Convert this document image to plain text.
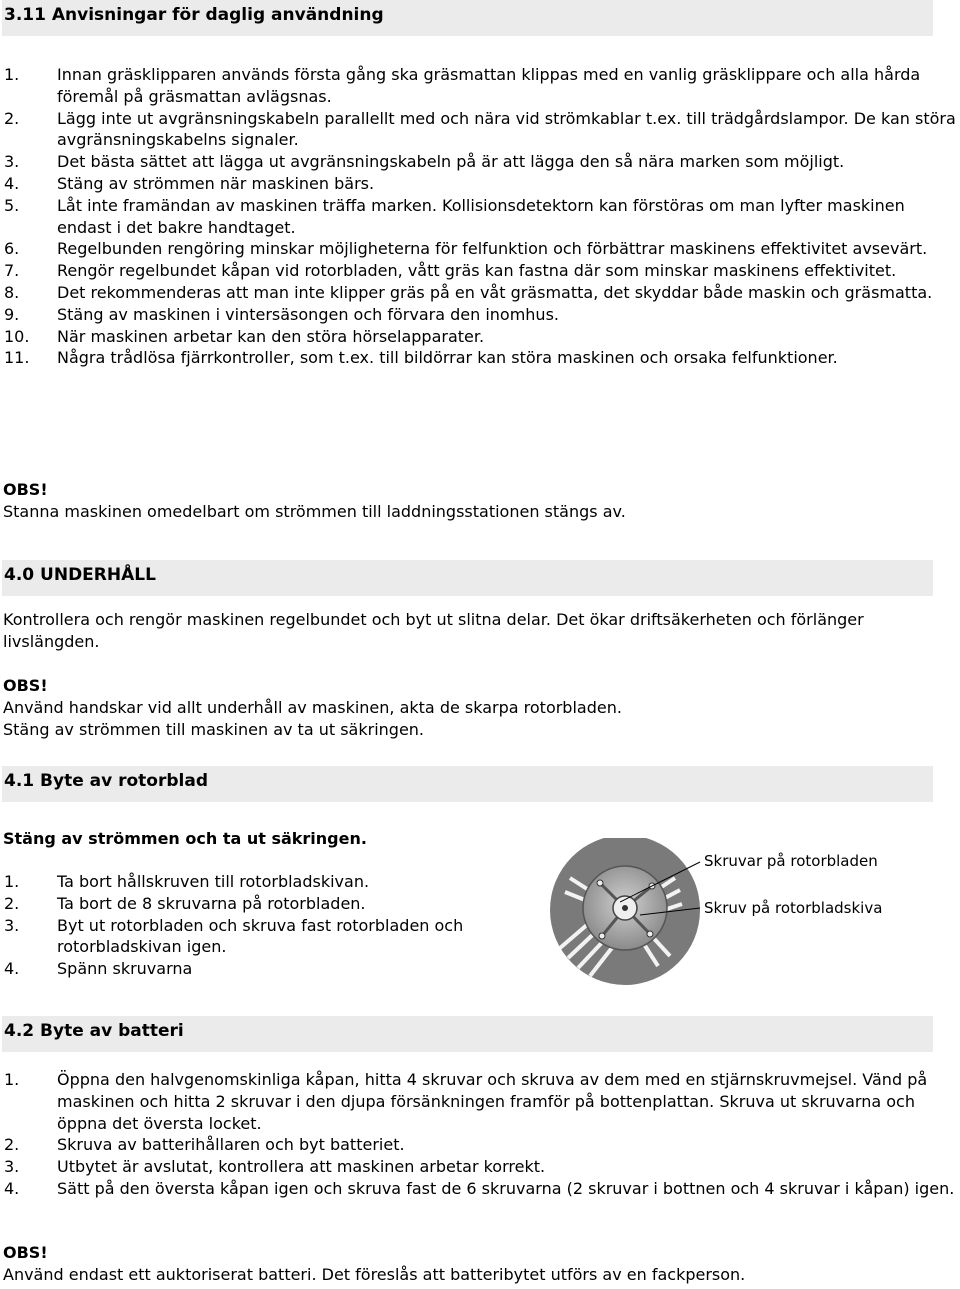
3.11 Anvisningar för daglig användning
1. Innan gräsklipparen används första gång ska gräsmattan klippas med en vanlig gräsklippare och alla hårda föremål på gräsmattan avlägsnas.
2. Lägg inte ut avgränsningskabeln parallellt med och nära vid strömkablar t.ex. till trädgårdslampor. De kan störa avgränsningskabelns signaler.
3. Det bästa sättet att lägga ut avgränsningskabeln på är att lägga den så nära marken som möjligt.
4. Stäng av strömmen när maskinen bärs.
5. Låt inte framändan av maskinen träffa marken. Kollisionsdetektorn kan förstöras om man lyfter maskinen endast i det bakre handtaget.
6. Regelbunden rengöring minskar möjligheterna för felfunktion och förbättrar maskinens effektivitet avsevärt.
7. Rengör regelbundet kåpan vid rotorbladen, vått gräs kan fastna där som minskar maskinens effektivitet.
8. Det rekommenderas att man inte klipper gräs på en våt gräsmatta, det skyddar både maskin och gräsmatta.
9. Stäng av maskinen i vintersäsongen och förvara den inomhus.
10. När maskinen arbetar kan den störa hörselapparater.
11. Några trådlösa fjärrkontroller, som t.ex. till bildörrar kan störa maskinen och orsaka felfunktioner.
OBS!
Stanna maskinen omedelbart om strömmen till laddningsstationen stängs av.
4.0 UNDERHÅLL
Kontrollera och rengör maskinen regelbundet och byt ut slitna delar. Det ökar driftsäkerheten och förlänger livslängden.
OBS!
Använd handskar vid allt underhåll av maskinen, akta de skarpa rotorbladen.
Stäng av strömmen till maskinen av ta ut säkringen.
4.1 Byte av rotorblad
Stäng av strömmen och ta ut säkringen.
1. Ta bort hållskruven till rotorbladskivan.
2. Ta bort de 8 skruvarna på rotorbladen.
3. Byt ut rotorbladen och skruva fast rotorbladen och rotorbladskivan igen.
4. Spänn skruvarna
Skruvar på rotorbladen
Skruv på rotorbladskiva
4.2 Byte av batteri
1. Öppna den halvgenomskinliga kåpan, hitta 4 skruvar och skruva av dem med en stjärnskruvmejsel. Vänd på maskinen och hitta 2 skruvar i den djupa försänkningen framför på bottenplattan. Skruva ut skruvarna och öppna det översta locket.
2. Skruva av batterihållaren och byt batteriet.
3. Utbytet är avslutat, kontrollera att maskinen arbetar korrekt.
4. Sätt på den översta kåpan igen och skruva fast de 6 skruvarna (2 skruvar i bottnen och 4 skruvar i kåpan) igen.
OBS!
Använd endast ett auktoriserat batteri. Det föreslås att batteribytet utförs av en fackperson.
